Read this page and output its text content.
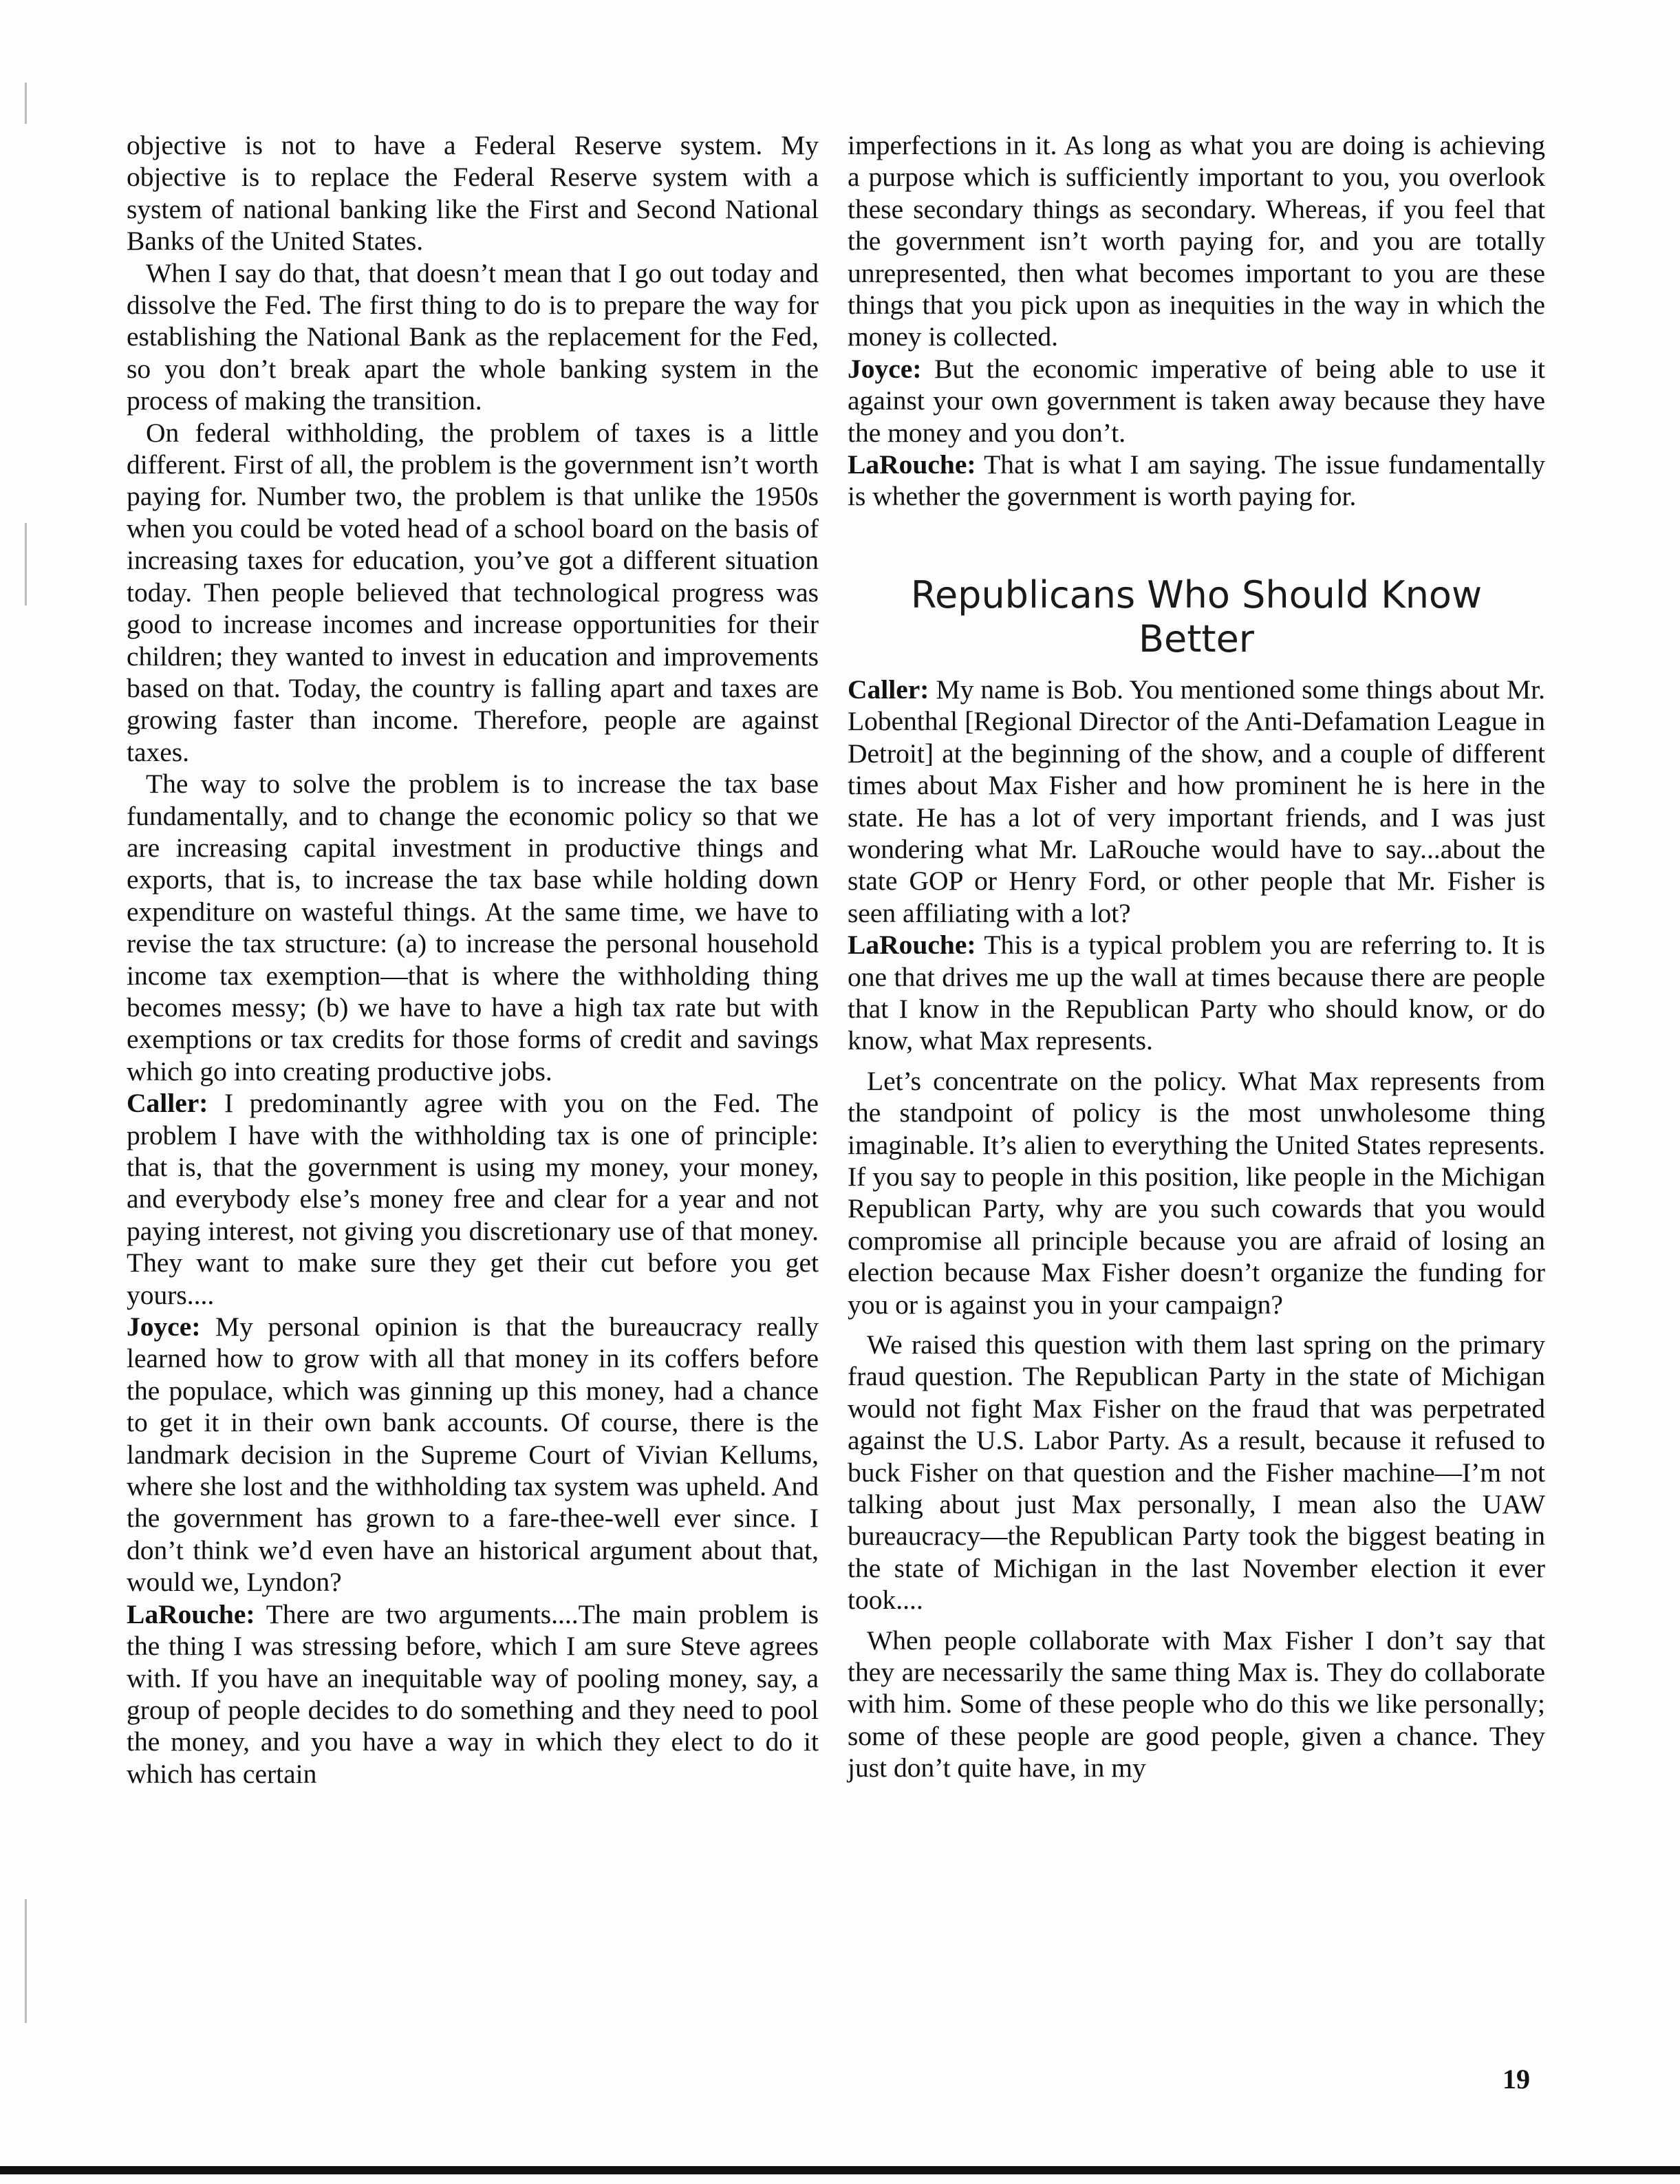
objective is not to have a Federal Reserve system. My objective is to replace the Federal Reserve system with a system of national banking like the First and Second National Banks of the United States.

When I say do that, that doesn’t mean that I go out today and dissolve the Fed. The first thing to do is to prepare the way for establishing the National Bank as the replacement for the Fed, so you don’t break apart the whole banking system in the process of making the transition.

On federal withholding, the problem of taxes is a little different. First of all, the problem is the government isn’t worth paying for. Number two, the problem is that unlike the 1950s when you could be voted head of a school board on the basis of increasing taxes for education, you’ve got a different situation today. Then people believed that technological progress was good to increase incomes and increase opportunities for their children; they wanted to invest in education and improvements based on that. Today, the country is falling apart and taxes are growing faster than income. Therefore, people are against taxes.

The way to solve the problem is to increase the tax base fundamentally, and to change the economic policy so that we are increasing capital investment in productive things and exports, that is, to increase the tax base while holding down expenditure on wasteful things. At the same time, we have to revise the tax structure: (a) to increase the personal household income tax exemption—that is where the withholding thing becomes messy; (b) we have to have a high tax rate but with exemptions or tax credits for those forms of credit and savings which go into creating productive jobs.

Caller: I predominantly agree with you on the Fed. The problem I have with the withholding tax is one of principle: that is, that the government is using my money, your money, and everybody else’s money free and clear for a year and not paying interest, not giving you discretionary use of that money. They want to make sure they get their cut before you get yours....

Joyce: My personal opinion is that the bureaucracy really learned how to grow with all that money in its coffers before the populace, which was ginning up this money, had a chance to get it in their own bank accounts. Of course, there is the landmark decision in the Supreme Court of Vivian Kellums, where she lost and the withholding tax system was upheld. And the government has grown to a fare-thee-well ever since. I don’t think we’d even have an historical argument about that, would we, Lyndon?

LaRouche: There are two arguments....The main problem is the thing I was stressing before, which I am sure Steve agrees with. If you have an inequitable way of pooling money, say, a group of people decides to do something and they need to pool the money, and you have a way in which they elect to do it which has certain

imperfections in it. As long as what you are doing is achieving a purpose which is sufficiently important to you, you overlook these secondary things as secondary. Whereas, if you feel that the government isn’t worth paying for, and you are totally unrepresented, then what becomes important to you are these things that you pick upon as inequities in the way in which the money is collected.

Joyce: But the economic imperative of being able to use it against your own government is taken away because they have the money and you don’t.

LaRouche: That is what I am saying. The issue fundamentally is whether the government is worth paying for.

Republicans Who Should Know Better

Caller: My name is Bob. You mentioned some things about Mr. Lobenthal [Regional Director of the Anti-Defamation League in Detroit] at the beginning of the show, and a couple of different times about Max Fisher and how prominent he is here in the state. He has a lot of very important friends, and I was just wondering what Mr. LaRouche would have to say...about the state GOP or Henry Ford, or other people that Mr. Fisher is seen affiliating with a lot?

LaRouche: This is a typical problem you are referring to. It is one that drives me up the wall at times because there are people that I know in the Republican Party who should know, or do know, what Max represents.

Let’s concentrate on the policy. What Max represents from the standpoint of policy is the most unwholesome thing imaginable. It’s alien to everything the United States represents. If you say to people in this position, like people in the Michigan Republican Party, why are you such cowards that you would compromise all principle because you are afraid of losing an election because Max Fisher doesn’t organize the funding for you or is against you in your campaign?

We raised this question with them last spring on the primary fraud question. The Republican Party in the state of Michigan would not fight Max Fisher on the fraud that was perpetrated against the U.S. Labor Party. As a result, because it refused to buck Fisher on that question and the Fisher machine—I’m not talking about just Max personally, I mean also the UAW bureaucracy—the Republican Party took the biggest beating in the state of Michigan in the last November election it ever took....

When people collaborate with Max Fisher I don’t say that they are necessarily the same thing Max is. They do collaborate with him. Some of these people who do this we like personally; some of these people are good people, given a chance. They just don’t quite have, in my

19
